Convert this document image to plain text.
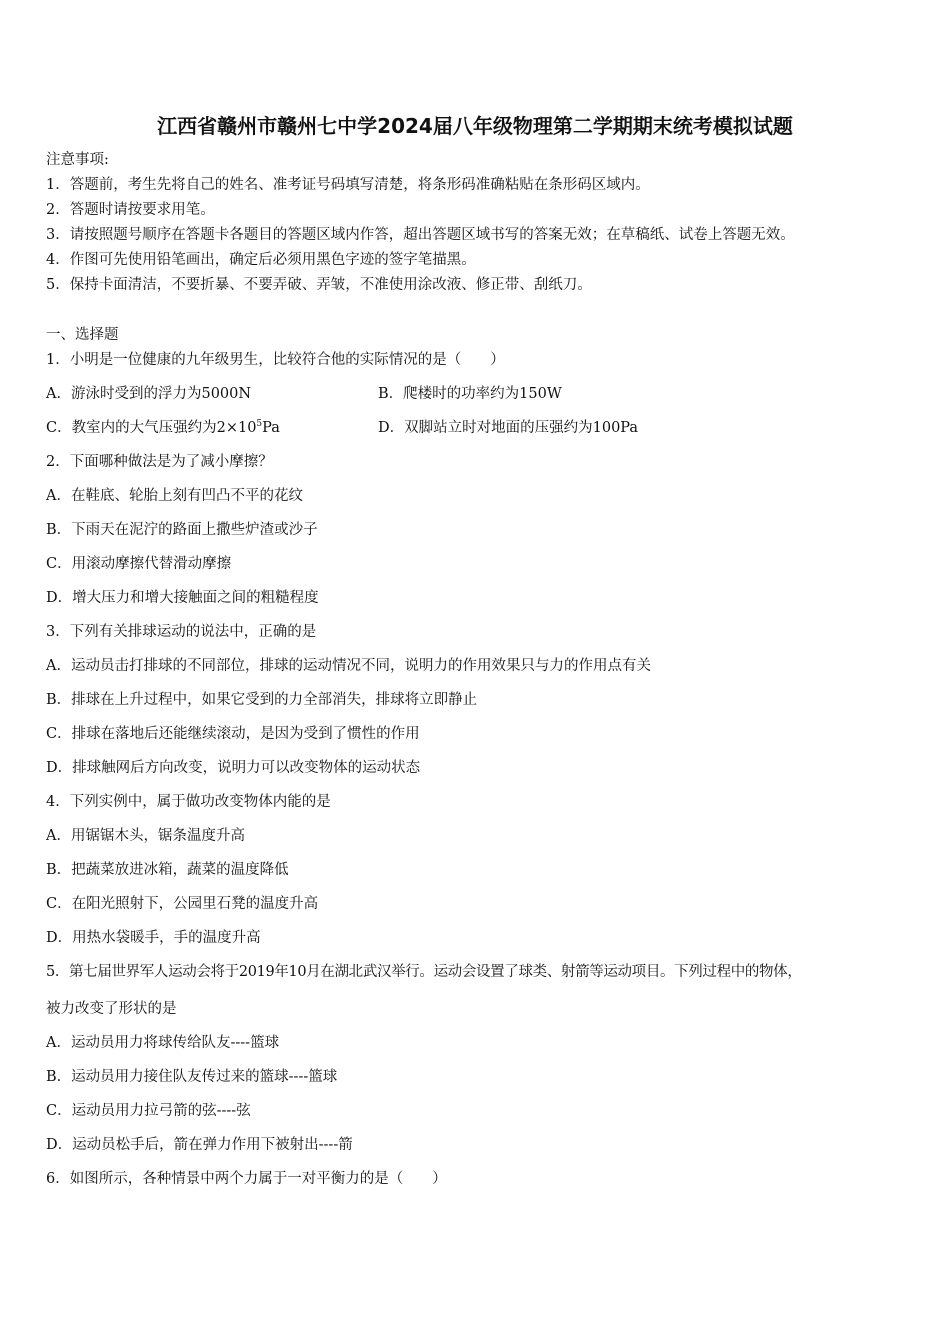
江西省赣州市赣州七中学2024届八年级物理第二学期期末统考模拟试题
注意事项:
1．答题前，考生先将自己的姓名、准考证号码填写清楚，将条形码准确粘贴在条形码区域内。
2．答题时请按要求用笔。
3．请按照题号顺序在答题卡各题目的答题区域内作答，超出答题区域书写的答案无效；在草稿纸、试卷上答题无效。
4．作图可先使用铅笔画出，确定后必须用黑色字迹的签字笔描黑。
5．保持卡面清洁，不要折暴、不要弄破、弄皱，不准使用涂改液、修正带、刮纸刀。
一、选择题
1．小明是一位健康的九年级男生，比较符合他的实际情况的是（　　）
A．游泳时受到的浮力为5000N	B．爬楼时的功率约为150W
C．教室内的大气压强约为$2\times 10^5Pa$	D．双脚站立时对地面的压强约为100Pa
2．下面哪种做法是为了减小摩擦？
A．在鞋底、轮胎上刻有凹凸不平的花纹
B．下雨天在泥泞的路面上撒些炉渣或沙子
C．用滚动摩擦代替滑动摩擦
D．增大压力和增大接触面之间的粗糙程度
3．下列有关排球运动的说法中，正确的是
A．运动员击打排球的不同部位，排球的运动情况不同，说明力的作用效果只与力的作用点有关
B．排球在上升过程中，如果它受到的力全部消失，排球将立即静止
C．排球在落地后还能继续滚动，是因为受到了惯性的作用
D．排球触网后方向改变，说明力可以改变物体的运动状态
4．下列实例中，属于做功改变物体内能的是
A．用锯锯木头，锯条温度升高
B．把蔬菜放进冰箱，蔬菜的温度降低
C．在阳光照射下，公园里石凳的温度升高
D．用热水袋暖手，手的温度升高
5．第七届世界军人运动会将于2019年10月在湖北武汉举行。运动会设置了球类、射箭等运动项目。下列过程中的物体，
被力改变了形状的是
A．运动员用力将球传给队友----篮球
B．运动员用力接住队友传过来的篮球----篮球
C．运动员用力拉弓箭的弦----弦
D．运动员松手后，箭在弹力作用下被射出----箭
6．如图所示，各种情景中两个力属于一对平衡力的是（　　）
